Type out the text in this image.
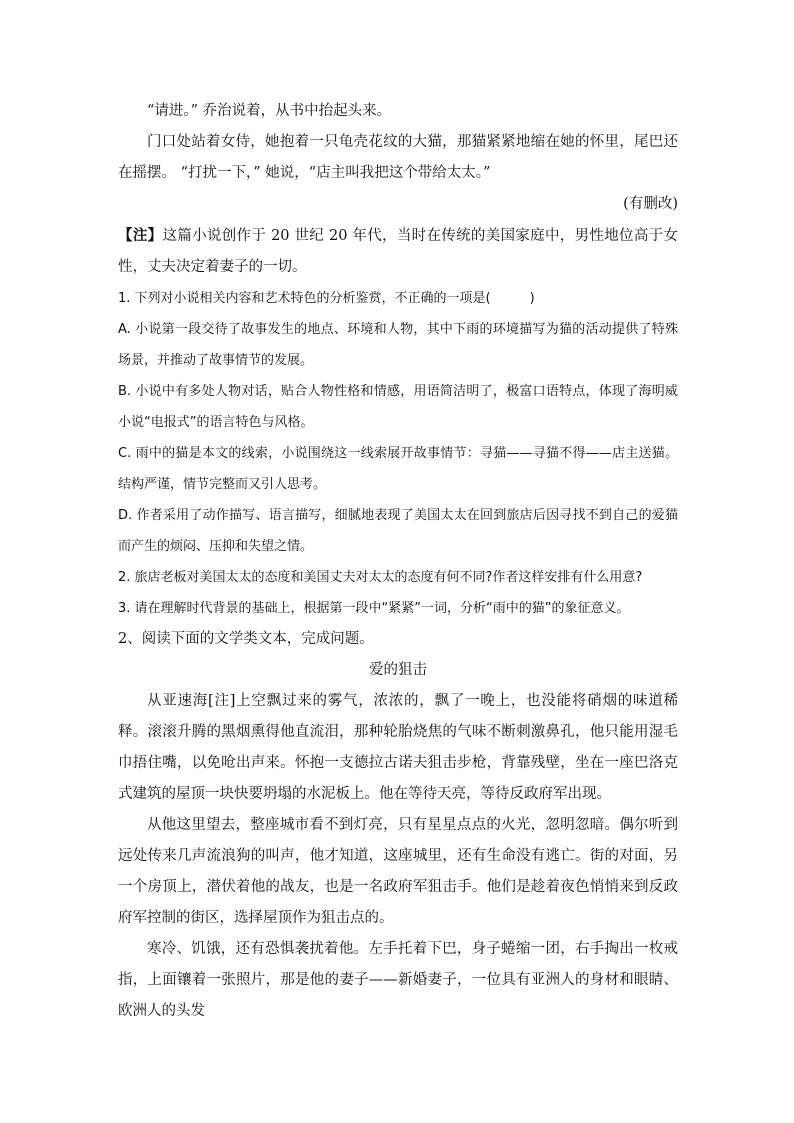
“请进。” 乔治说着，从书中抬起头来。

门口处站着女侍，她抱着一只龟壳花纹的大猫，那猫紧紧地缩在她的怀里，尾巴还在摇摆。 “打扰一下，” 她说，“店主叫我把这个带给太太。”

(有删改)

【注】这篇小说创作于 20 世纪 20 年代，当时在传统的美国家庭中，男性地位高于女性，丈夫决定着妻子的一切。

1. 下列对小说相关内容和艺术特色的分析鉴赏，不正确的一项是(　　　)

A. 小说第一段交待了故事发生的地点、环境和人物，其中下雨的环境描写为猫的活动提供了特殊场景，并推动了故事情节的发展。

B. 小说中有多处人物对话，贴合人物性格和情感，用语简洁明了，极富口语特点，体现了海明威小说“电报式”的语言特色与风格。

C. 雨中的猫是本文的线索，小说围绕这一线索展开故事情节：寻猫——寻猫不得——店主送猫。结构严谨，情节完整而又引人思考。

D. 作者采用了动作描写、语言描写，细腻地表现了美国太太在回到旅店后因寻找不到自己的爱猫而产生的烦闷、压抑和失望之情。

2. 旅店老板对美国太太的态度和美国丈夫对太太的态度有何不同?作者这样安排有什么用意?

3. 请在理解时代背景的基础上，根据第一段中“紧紧”一词，分析“雨中的猫”的象征意义。

2、阅读下面的文学类文本，完成问题。

爱的狙击

从亚速海[注]上空飘过来的雾气，浓浓的，飘了一晚上，也没能将硝烟的味道稀释。滚滚升腾的黑烟熏得他直流泪，那种轮胎烧焦的气味不断刺激鼻孔，他只能用湿毛巾捂住嘴，以免呛出声来。怀抱一支德拉古诺夫狙击步枪，背靠残壁，坐在一座巴洛克式建筑的屋顶一块快要坍塌的水泥板上。他在等待天亮，等待反政府军出现。

从他这里望去，整座城市看不到灯亮，只有星星点点的火光，忽明忽暗。偶尔听到远处传来几声流浪狗的叫声，他才知道，这座城里，还有生命没有逃亡。街的对面，另一个房顶上，潜伏着他的战友，也是一名政府军狙击手。他们是趁着夜色悄悄来到反政府军控制的街区，选择屋顶作为狙击点的。

寒冷、饥饿，还有恐惧袭扰着他。左手托着下巴，身子蜷缩一团，右手掏出一枚戒指，上面镶着一张照片，那是他的妻子——新婚妻子，一位具有亚洲人的身材和眼睛、欧洲人的头发
